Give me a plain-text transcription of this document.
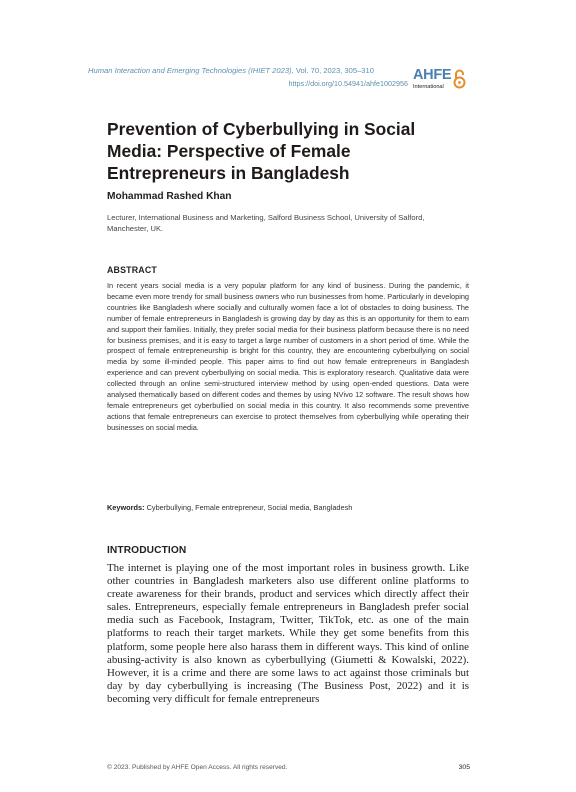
Human Interaction and Emerging Technologies (IHIET 2023), Vol. 70, 2023, 305–310
https://doi.org/10.54941/ahfe1002956
AHFE
International
Prevention of Cyberbullying in Social Media: Perspective of Female Entrepreneurs in Bangladesh
Mohammad Rashed Khan
Lecturer, International Business and Marketing, Salford Business School, University of Salford, Manchester, UK.
ABSTRACT

In recent years social media is a very popular platform for any kind of business. During the pandemic, it became even more trendy for small business owners who run businesses from home. Particularly in developing countries like Bangladesh where socially and culturally women face a lot of obstacles to doing business. The number of female entrepreneurs in Bangladesh is growing day by day as this is an opportunity for them to earn and support their families. Initially, they prefer social media for their business platform because there is no need for business premises, and it is easy to target a large number of customers in a short period of time. While the prospect of female entrepreneurship is bright for this country, they are encountering cyberbullying on social media by some ill-minded people. This paper aims to find out how female entrepreneurs in Bangladesh experience and can prevent cyberbullying on social media. This is exploratory research. Qualitative data were collected through an online semi-structured interview method by using open-ended questions. Data were analysed thematically based on different codes and themes by using NVivo 12 software. The result shows how female entrepreneurs get cyberbullied on social media in this country. It also recommends some preventive actions that female entrepreneurs can exercise to protect themselves from cyberbullying while operating their businesses on social media.

Keywords: Cyberbullying, Female entrepreneur, Social media, Bangladesh
INTRODUCTION

The internet is playing one of the most important roles in business growth. Like other countries in Bangladesh marketers also use different online platforms to create awareness for their brands, product and services which directly affect their sales. Entrepreneurs, especially female entrepreneurs in Bangladesh prefer social media such as Facebook, Instagram, Twitter, TikTok, etc. as one of the main platforms to reach their target markets. While they get some benefits from this platform, some people here also harass them in different ways. This kind of online abusing-activity is also known as cyberbullying (Giumetti & Kowalski, 2022). However, it is a crime and there are some laws to act against those criminals but day by day cyberbullying is increasing (The Business Post, 2022) and it is becoming very difficult for female entrepreneurs

© 2023. Published by AHFE Open Access. All rights reserved.	305
